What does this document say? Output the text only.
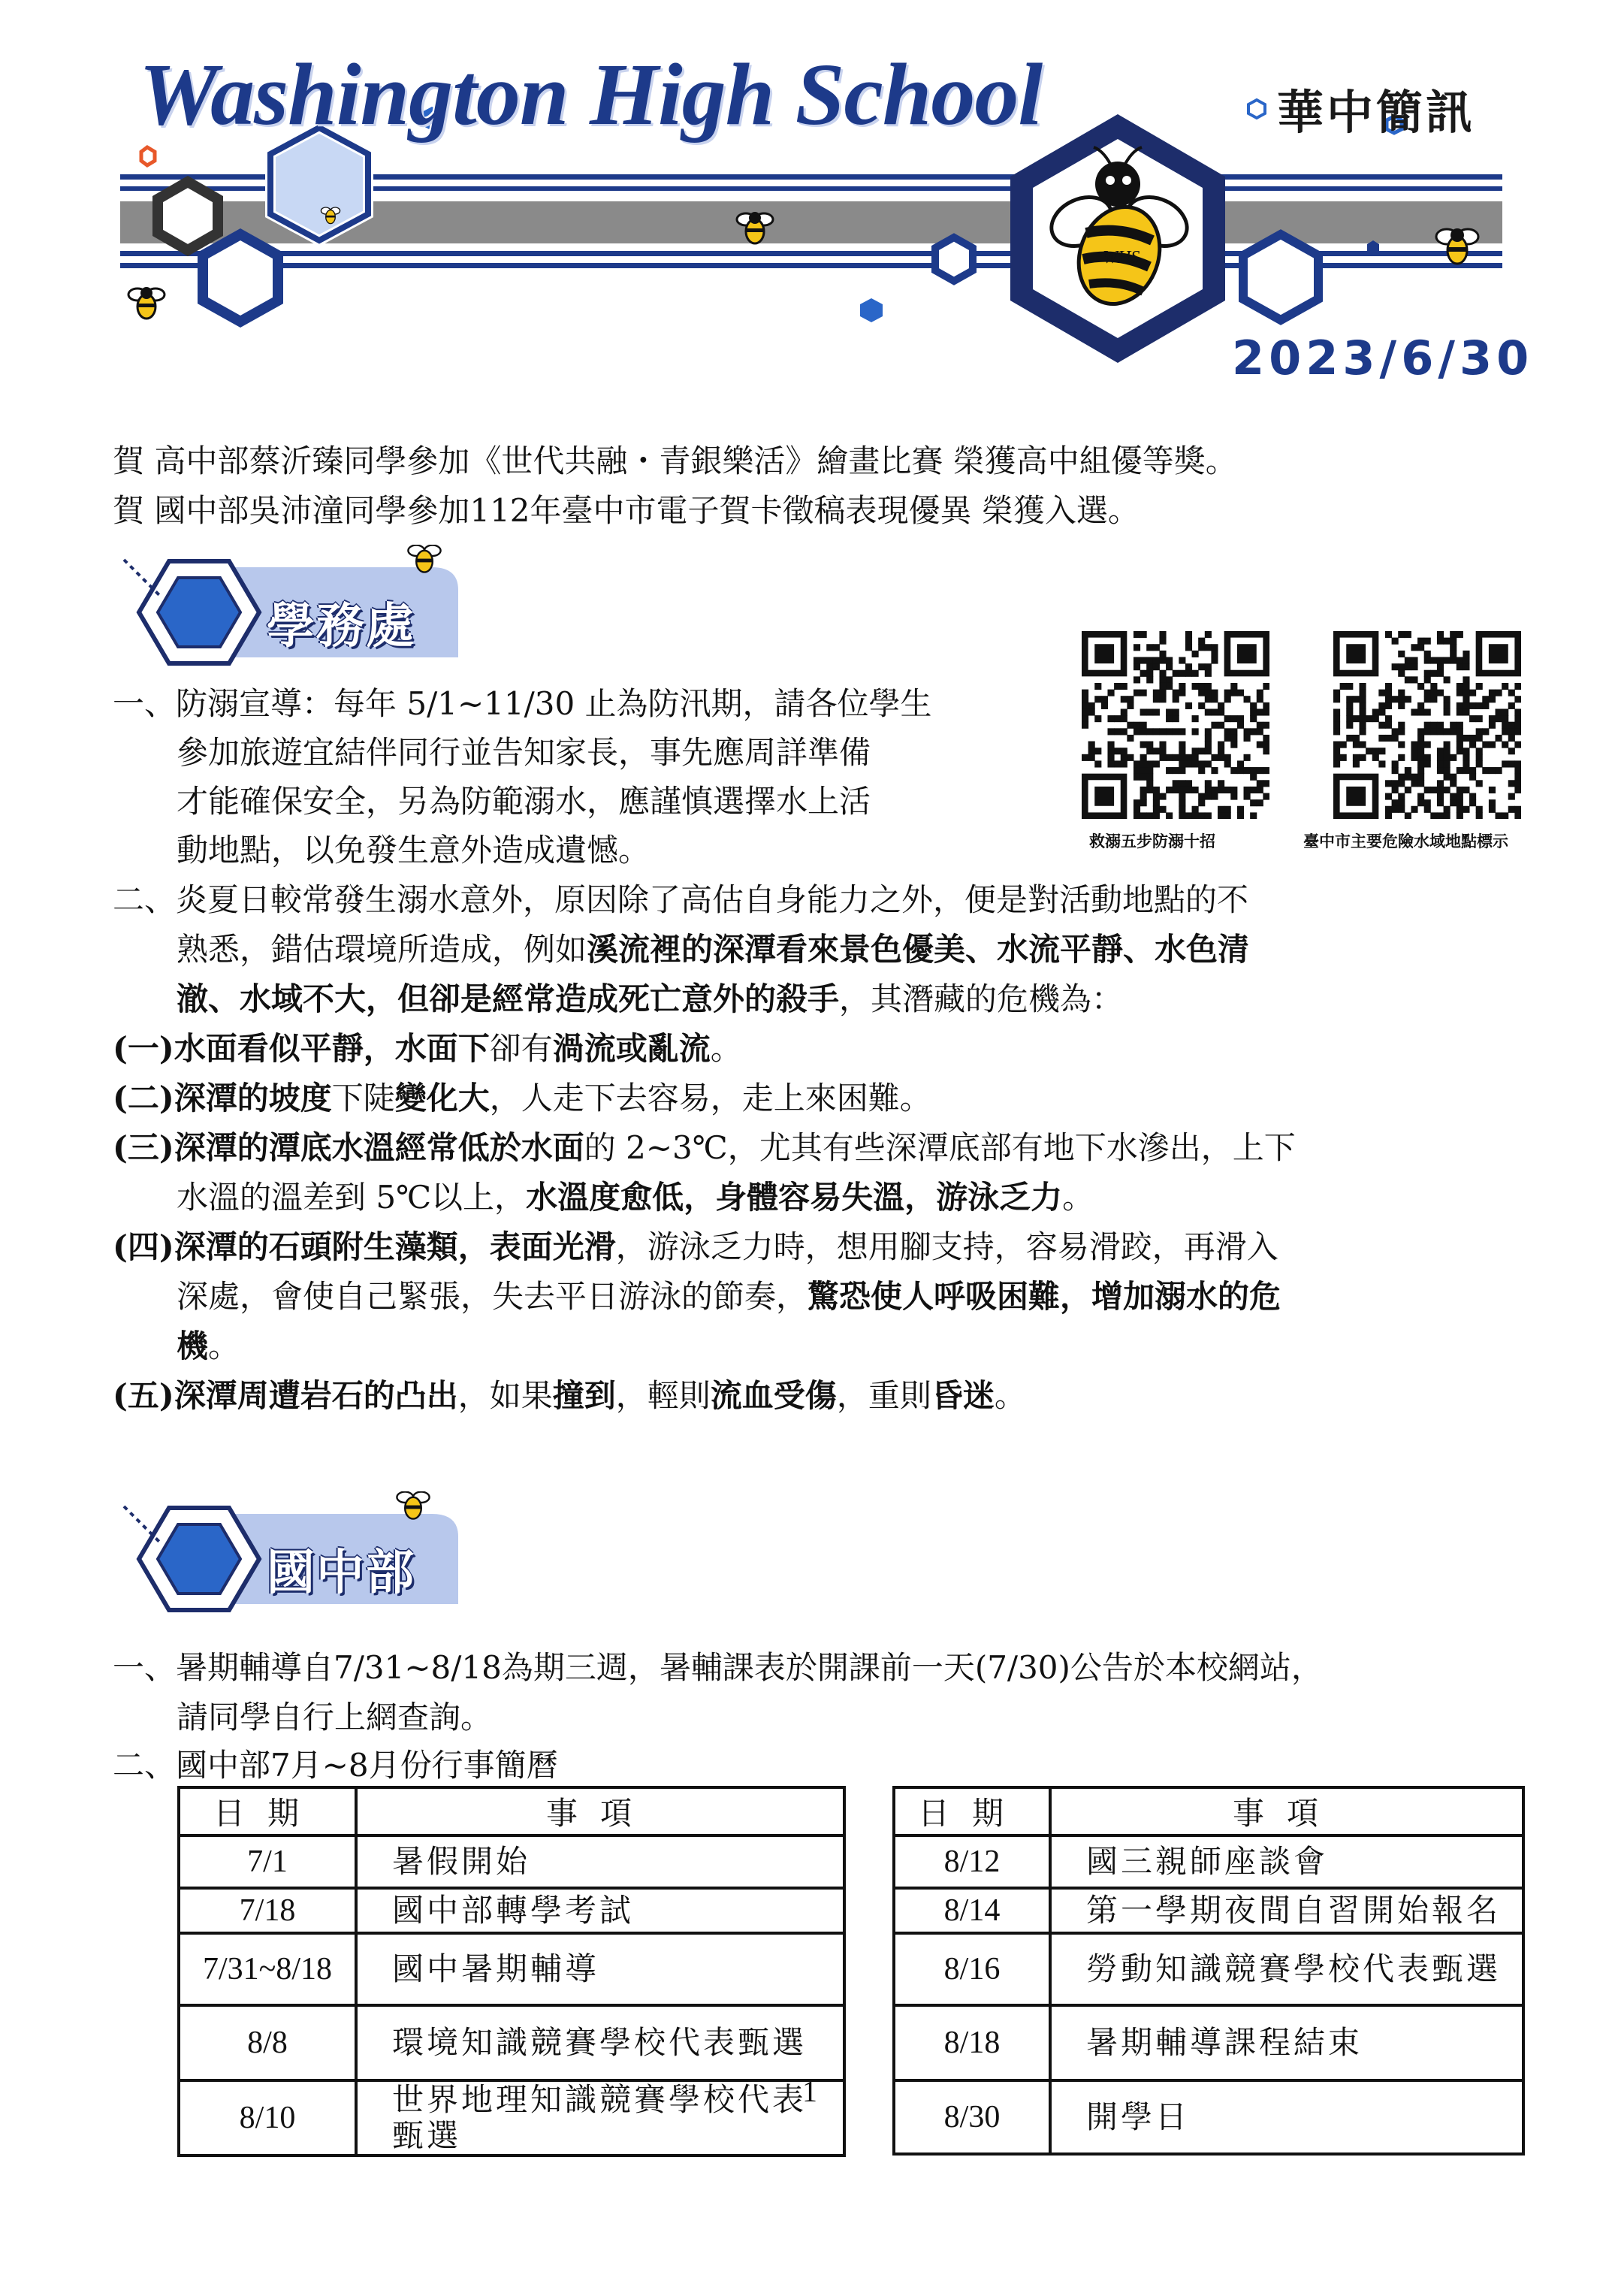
WHS
Washington High School	華中簡訊
2023/6/30
賀 高中部蔡沂臻同學參加《世代共融・青銀樂活》繪畫比賽 榮獲高中組優等獎。
賀 國中部吳沛潼同學參加112年臺中市電子賀卡徵稿表現優異 榮獲入選。
學務處
救溺五步防溺十招	臺中市主要危險水域地點標示
一、防溺宣導：每年 5/1~11/30 止為防汛期，請各位學生
參加旅遊宜結伴同行並告知家長，事先應周詳準備
才能確保安全，另為防範溺水，應謹慎選擇水上活
動地點，以免發生意外造成遺憾。
二、炎夏日較常發生溺水意外，原因除了高估自身能力之外，便是對活動地點的不
熟悉，錯估環境所造成，例如溪流裡的深潭看來景色優美、水流平靜、水色清
澈、水域不大，但卻是經常造成死亡意外的殺手，其潛藏的危機為：
(一)水面看似平靜，水面下卻有渦流或亂流。
(二)深潭的坡度下陡變化大，人走下去容易，走上來困難。
(三)深潭的潭底水溫經常低於水面的 2~3℃，尤其有些深潭底部有地下水滲出，上下
水溫的溫差到 5℃以上，水溫度愈低，身體容易失溫，游泳乏力。
(四)深潭的石頭附生藻類，表面光滑，游泳乏力時，想用腳支持，容易滑跤，再滑入
深處，會使自己緊張，失去平日游泳的節奏，驚恐使人呼吸困難，增加溺水的危
機。
(五)深潭周遭岩石的凸出，如果撞到，輕則流血受傷，重則昏迷。
國中部
一、暑期輔導自7/31~8/18為期三週，暑輔課表於開課前一天(7/30)公告於本校網站，
請同學自行上網查詢。
二、國中部7月~8月份行事簡曆
日期	事項
7/1	暑假開始
7/18	國中部轉學考試
7/31~8/18	國中暑期輔導
8/8	環境知識競賽學校代表甄選
8/10	世界地理知識競賽學校代表甄選
日期	事項
8/12	國三親師座談會
8/14	第一學期夜間自習開始報名
8/16	勞動知識競賽學校代表甄選
8/18	暑期輔導課程結束
8/30	開學日
1
